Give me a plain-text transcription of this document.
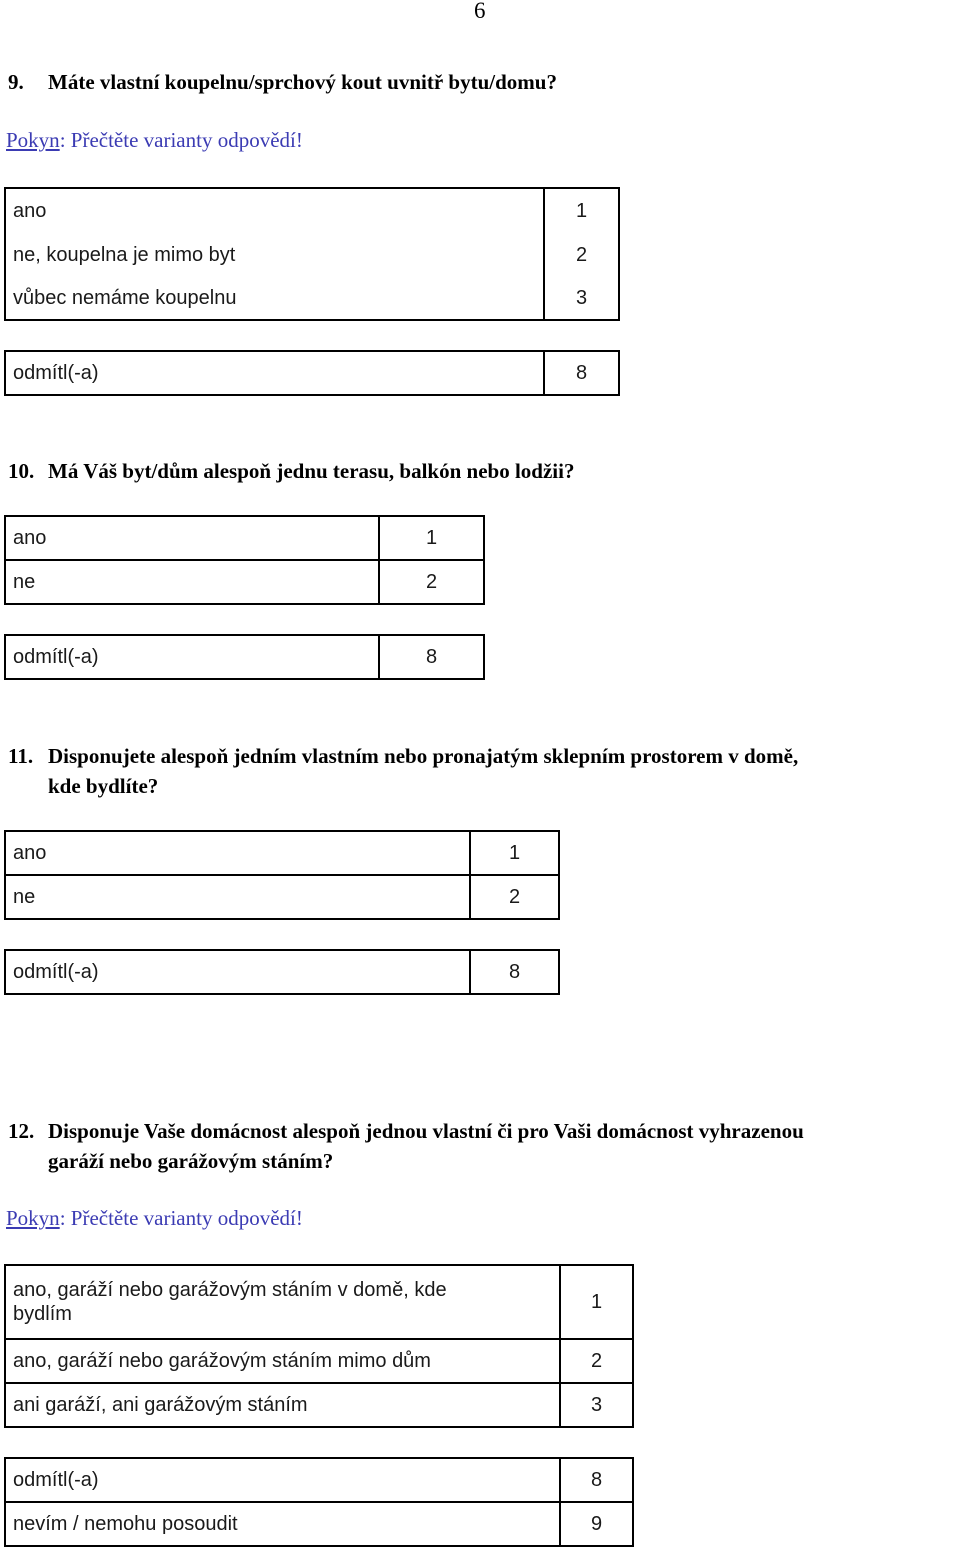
6
9. Máte vlastní koupelnu/sprchový kout uvnitř bytu/domu?
Pokyn: Přečtěte varianty odpovědí!
ano	1
ne, koupelna je mimo byt	2
vůbec nemáme koupelnu	3
odmítl(-a)	8
10. Má Váš byt/dům alespoň jednu terasu, balkón nebo lodžii?
ano	1
ne	2
odmítl(-a)	8
11. Disponujete alespoň jedním vlastním nebo pronajatým sklepním prostorem v domě,
kde bydlíte?
ano	1
ne	2
odmítl(-a)	8
12. Disponuje Vaše domácnost alespoň jednou vlastní či pro Vaši domácnost vyhrazenou
garáží nebo garážovým stáním?
Pokyn: Přečtěte varianty odpovědí!
ano, garáží nebo garážovým stáním v domě, kde
bydlím	1
ano, garáží nebo garážovým stáním mimo dům	2
ani garáží, ani garážovým stáním	3
odmítl(-a)	8
nevím / nemohu posoudit	9
